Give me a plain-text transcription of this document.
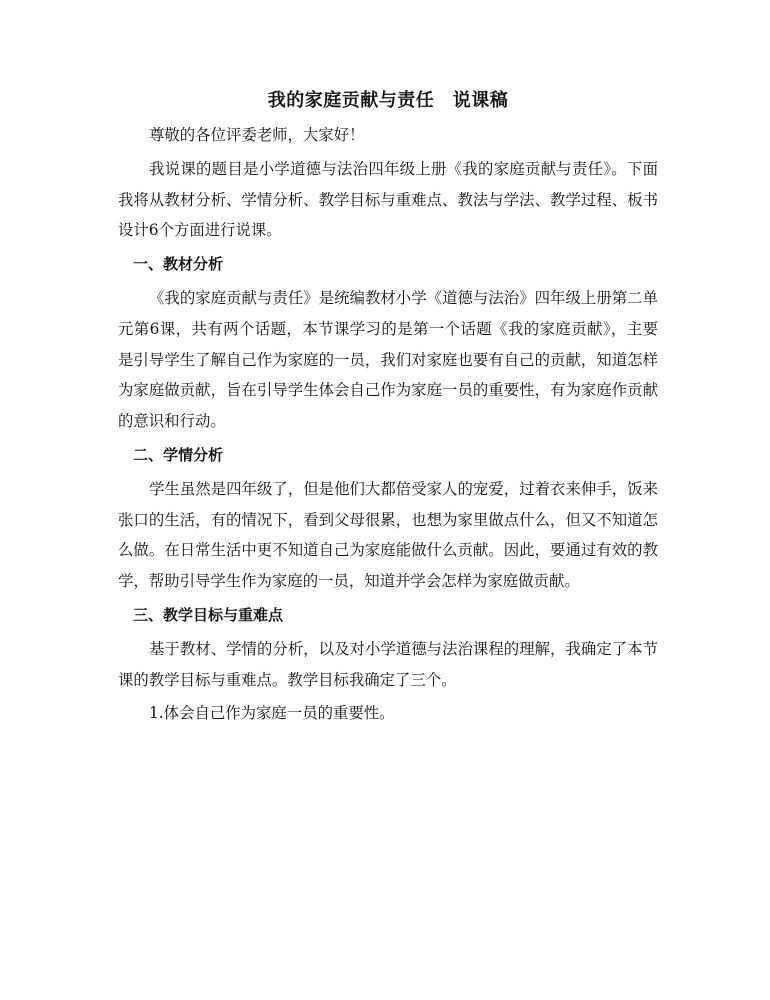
我的家庭贡献与责任　说课稿

尊敬的各位评委老师，大家好！

我说课的题目是小学道德与法治四年级上册《我的家庭贡献与责任》。下面我将从教材分析、学情分析、教学目标与重难点、教法与学法、教学过程、板书设计6个方面进行说课。

一、教材分析

《我的家庭贡献与责任》是统编教材小学《道德与法治》四年级上册第二单元第6课，共有两个话题，本节课学习的是第一个话题《我的家庭贡献》，主要是引导学生了解自己作为家庭的一员，我们对家庭也要有自己的贡献，知道怎样为家庭做贡献，旨在引导学生体会自己作为家庭一员的重要性，有为家庭作贡献的意识和行动。

二、学情分析

学生虽然是四年级了，但是他们大都倍受家人的宠爱，过着衣来伸手，饭来张口的生活，有的情况下，看到父母很累，也想为家里做点什么，但又不知道怎么做。在日常生活中更不知道自己为家庭能做什么贡献。因此，要通过有效的教学，帮助引导学生作为家庭的一员，知道并学会怎样为家庭做贡献。

三、教学目标与重难点

基于教材、学情的分析，以及对小学道德与法治课程的理解，我确定了本节课的教学目标与重难点。教学目标我确定了三个。

1.体会自己作为家庭一员的重要性。
